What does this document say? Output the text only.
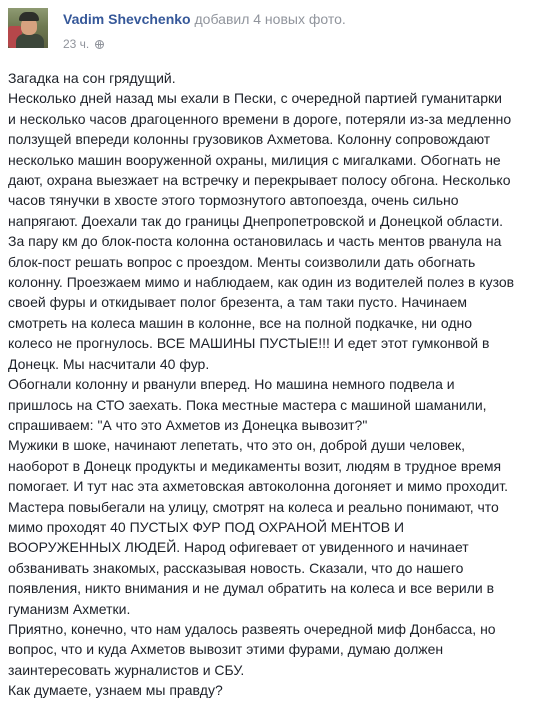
Vadim Shevchenko добавил 4 новых фото.
23 ч.
Загадка на сон грядущий.
Несколько дней назад мы ехали в Пески, с очередной партией гуманитарки
и несколько часов драгоценного времени в дороге, потеряли из-за медленно
ползущей впереди колонны грузовиков Ахметова. Колонну сопровождают
несколько машин вооруженной охраны, милиция с мигалками. Обогнать не
дают, охрана выезжает на встречку и перекрывает полосу обгона. Несколько
часов тянучки в хвосте этого тормознутого автопоезда, очень сильно
напрягают. Доехали так до границы Днепропетровской и Донецкой области.
За пару км до блок-поста колонна остановилась и часть ментов рванула на
блок-пост решать вопрос с проездом. Менты соизволили дать обогнать
колонну. Проезжаем мимо и наблюдаем, как один из водителей полез в кузов
своей фуры и откидывает полог брезента, а там таки пусто. Начинаем
смотреть на колеса машин в колонне, все на полной подкачке, ни одно
колесо не прогнулось. ВСЕ МАШИНЫ ПУСТЫЕ!!! И едет этот гумконвой в
Донецк. Мы насчитали 40 фур.
Обогнали колонну и рванули вперед. Но машина немного подвела и
пришлось на СТО заехать. Пока местные мастера с машиной шаманили,
спрашиваем: "А что это Ахметов из Донецка вывозит?"
Мужики в шоке, начинают лепетать, что это он, доброй души человек,
наоборот в Донецк продукты и медикаменты возит, людям в трудное время
помогает. И тут нас эта ахметовская автоколонна догоняет и мимо проходит.
Мастера повыбегали на улицу, смотрят на колеса и реально понимают, что
мимо проходят 40 ПУСТЫХ ФУР ПОД ОХРАНОЙ МЕНТОВ И
ВООРУЖЕННЫХ ЛЮДЕЙ. Народ офигевает от увиденного и начинает
обзванивать знакомых, рассказывая новость. Сказали, что до нашего
появления, никто внимания и не думал обратить на колеса и все верили в
гуманизм Ахметки.
Приятно, конечно, что нам удалось развеять очередной миф Донбасса, но
вопрос, что и куда Ахметов вывозит этими фурами, думаю должен
заинтересовать журналистов и СБУ.
Как думаете, узнаем мы правду?
